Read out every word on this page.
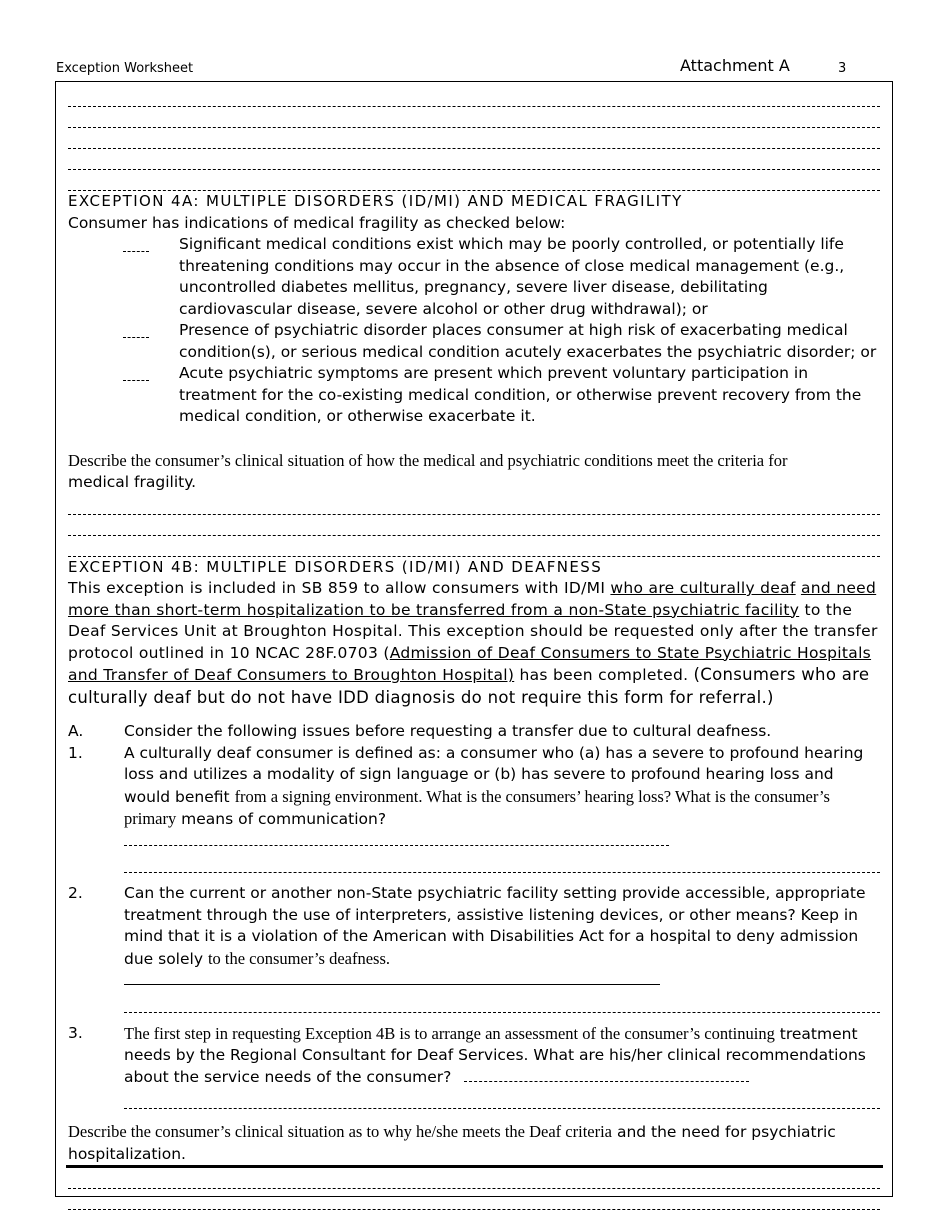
Exception Worksheet	Attachment A	3
EXCEPTION 4A: MULTIPLE DISORDERS (ID/MI) AND MEDICAL FRAGILITY

Consumer has indications of medical fragility as checked below:

Significant medical conditions exist which may be poorly controlled, or potentially life threatening conditions may occur in the absence of close medical management (e.g., uncontrolled diabetes mellitus, pregnancy, severe liver disease, debilitating cardiovascular disease, severe alcohol or other drug withdrawal); or
Presence of psychiatric disorder places consumer at high risk of exacerbating medical condition(s), or serious medical condition acutely exacerbates the psychiatric disorder; or
Acute psychiatric symptoms are present which prevent voluntary participation in treatment for the co-existing medical condition, or otherwise prevent recovery from the medical condition, or otherwise exacerbate it.

Describe the consumer’s clinical situation of how the medical and psychiatric conditions meet the criteria for
medical fragility.

EXCEPTION 4B: MULTIPLE DISORDERS (ID/MI) AND DEAFNESS

This exception is included in SB 859 to allow consumers with ID/MI who are culturally deaf and need more than short-term hospitalization to be transferred from a non-State psychiatric facility to the Deaf Services Unit at Broughton Hospital. This exception should be requested only after the transfer protocol outlined in 10 NCAC 28F.0703 (Admission of Deaf Consumers to State Psychiatric Hospitals and Transfer of Deaf Consumers to Broughton Hospital) has been completed. (Consumers who are culturally deaf but do not have IDD diagnosis do not require this form for referral.)

A.	Consider the following issues before requesting a transfer due to cultural deafness.
1.	A culturally deaf consumer is defined as: a consumer who (a) has a severe to profound hearing loss and utilizes a modality of sign language or (b) has severe to profound hearing loss and would benefit from a signing environment. What is the consumers’ hearing loss? What is the consumer’s primary means of communication?
2.	Can the current or another non-State psychiatric facility setting provide accessible, appropriate treatment through the use of interpreters, assistive listening devices, or other means? Keep in mind that it is a violation of the American with Disabilities Act for a hospital to deny admission due solely to the consumer’s deafness.
3.	The first step in requesting Exception 4B is to arrange an assessment of the consumer’s continuing treatment needs by the Regional Consultant for Deaf Services. What are his/her clinical recommendations about the service needs of the consumer?

Describe the consumer’s clinical situation as to why he/she meets the Deaf criteria and the need for psychiatric hospitalization.
